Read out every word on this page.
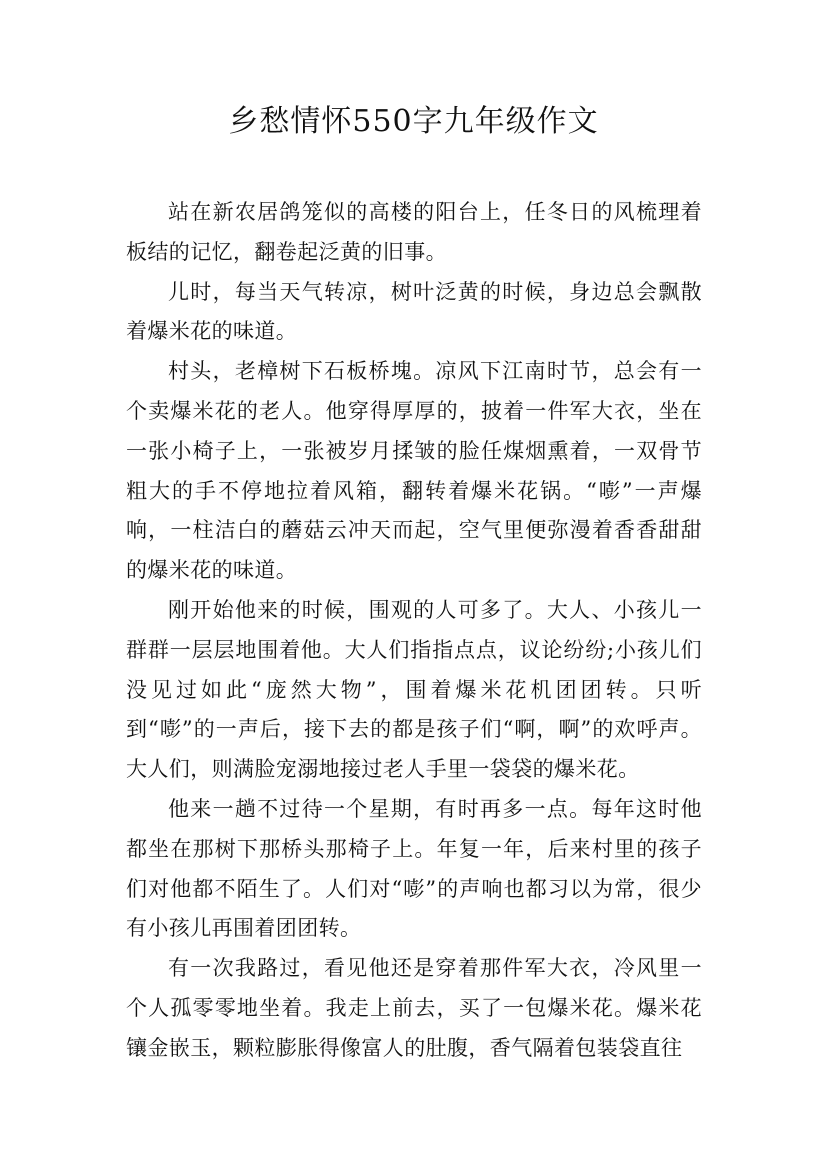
乡愁情怀550字九年级作文

站在新农居鸽笼似的高楼的阳台上，任冬日的风梳理着板结的记忆，翻卷起泛黄的旧事。

儿时，每当天气转凉，树叶泛黄的时候，身边总会飘散着爆米花的味道。

村头，老樟树下石板桥塊。凉风下江南时节，总会有一个卖爆米花的老人。他穿得厚厚的，披着一件军大衣，坐在一张小椅子上，一张被岁月揉皱的脸任煤烟熏着，一双骨节粗大的手不停地拉着风箱，翻转着爆米花锅。“嘭”一声爆响，一柱洁白的蘑菇云冲天而起，空气里便弥漫着香香甜甜的爆米花的味道。

刚开始他来的时候，围观的人可多了。大人、小孩儿一群群一层层地围着他。大人们指指点点，议论纷纷;小孩儿们没见过如此“庞然大物”，围着爆米花机团团转。只听到“嘭”的一声后，接下去的都是孩子们“啊，啊”的欢呼声。大人们，则满脸宠溺地接过老人手里一袋袋的爆米花。

他来一趟不过待一个星期，有时再多一点。每年这时他都坐在那树下那桥头那椅子上。年复一年，后来村里的孩子们对他都不陌生了。人们对“嘭”的声响也都习以为常，很少有小孩儿再围着团团转。

有一次我路过，看见他还是穿着那件军大衣，冷风里一个人孤零零地坐着。我走上前去，买了一包爆米花。爆米花镶金嵌玉，颗粒膨胀得像富人的肚腹，香气隔着包装袋直往
